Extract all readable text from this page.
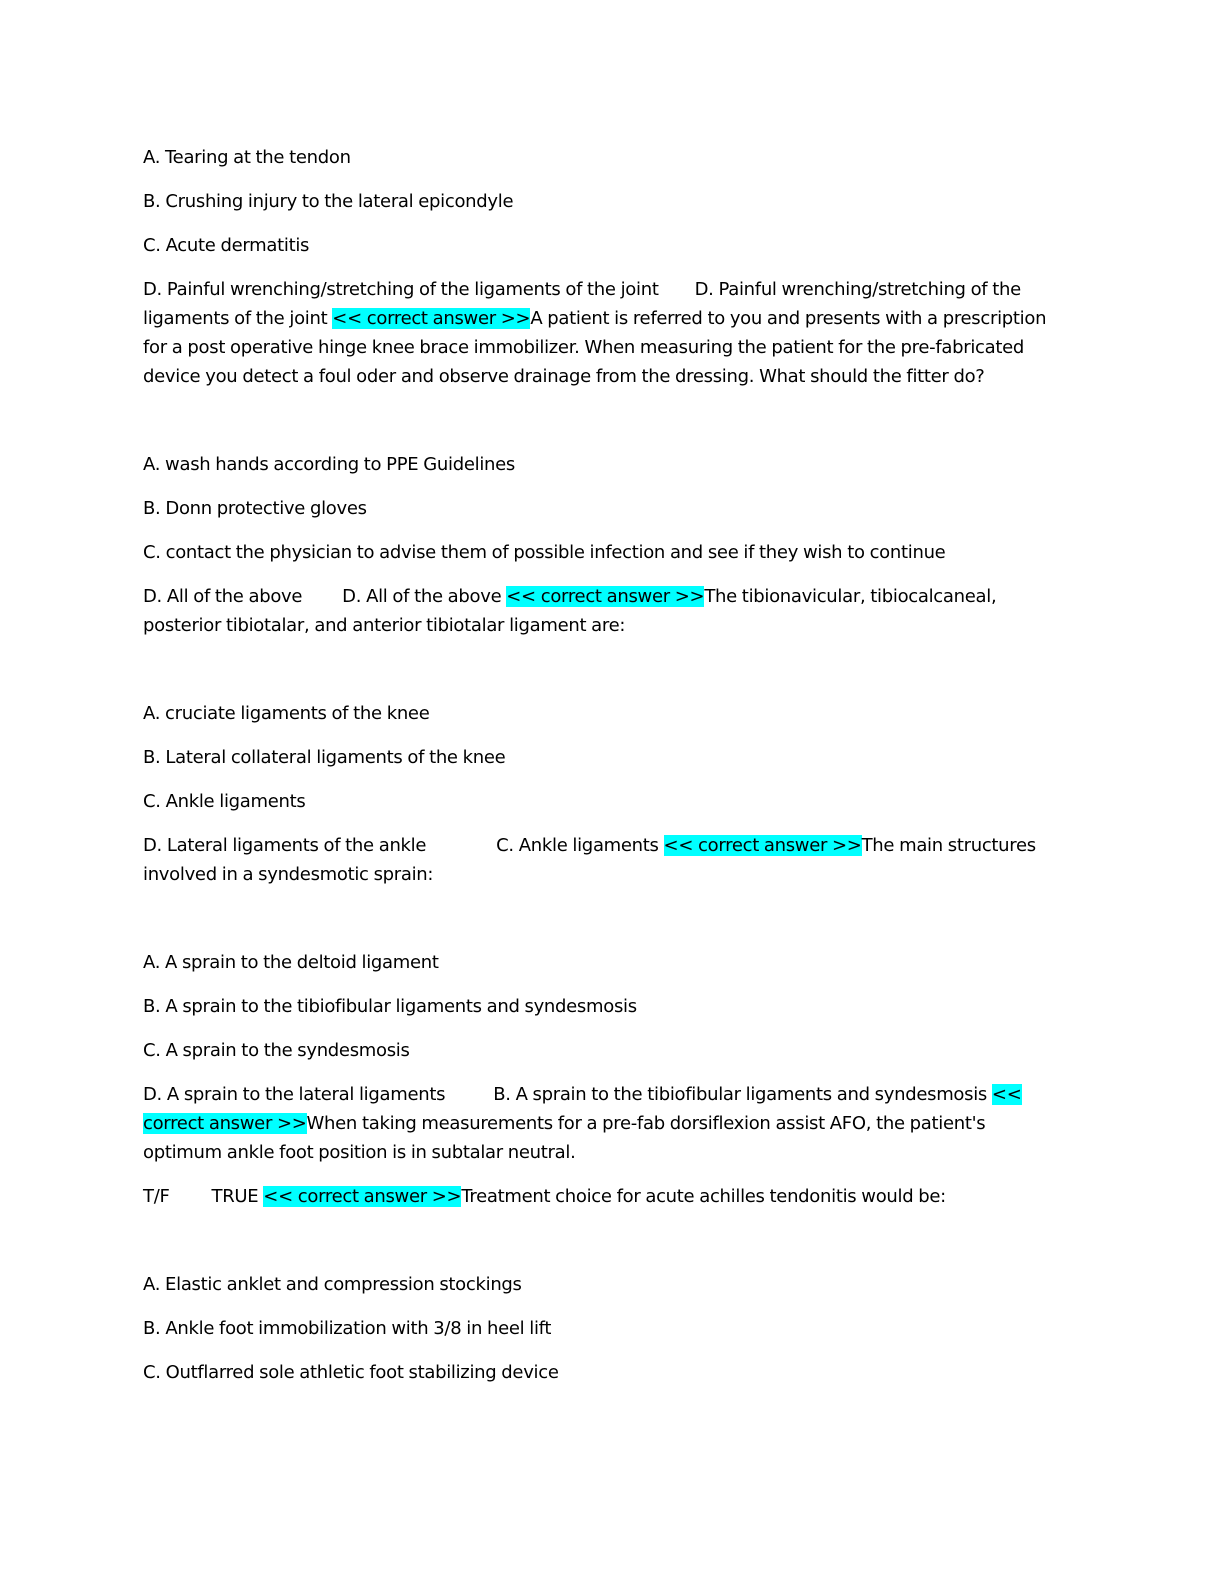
A. Tearing at the tendon

B. Crushing injury to the lateral epicondyle

C. Acute dermatitis

D. Painful wrenching/stretching of the ligaments of the joint D. Painful wrenching/stretching of the ligaments of the joint << correct answer >>A patient is referred to you and presents with a prescription for a post operative hinge knee brace immobilizer. When measuring the patient for the pre-fabricated device you detect a foul oder and observe drainage from the dressing. What should the fitter do?

A. wash hands according to PPE Guidelines

B. Donn protective gloves

C. contact the physician to advise them of possible infection and see if they wish to continue

D. All of the above D. All of the above << correct answer >>The tibionavicular, tibiocalcaneal, posterior tibiotalar, and anterior tibiotalar ligament are:

A. cruciate ligaments of the knee

B. Lateral collateral ligaments of the knee

C. Ankle ligaments

D. Lateral ligaments of the ankle	C. Ankle ligaments << correct answer >>The main structures involved in a syndesmotic sprain:

A. A sprain to the deltoid ligament

B. A sprain to the tibiofibular ligaments and syndesmosis

C. A sprain to the syndesmosis

D. A sprain to the lateral ligaments	B. A sprain to the tibiofibular ligaments and syndesmosis <<
correct answer >>When taking measurements for a pre-fab dorsiflexion assist AFO, the patient's optimum ankle foot position is in subtalar neutral.

T/F TRUE << correct answer >>Treatment choice for acute achilles tendonitis would be:

A. Elastic anklet and compression stockings

B. Ankle foot immobilization with 3/8 in heel lift

C. Outflarred sole athletic foot stabilizing device
